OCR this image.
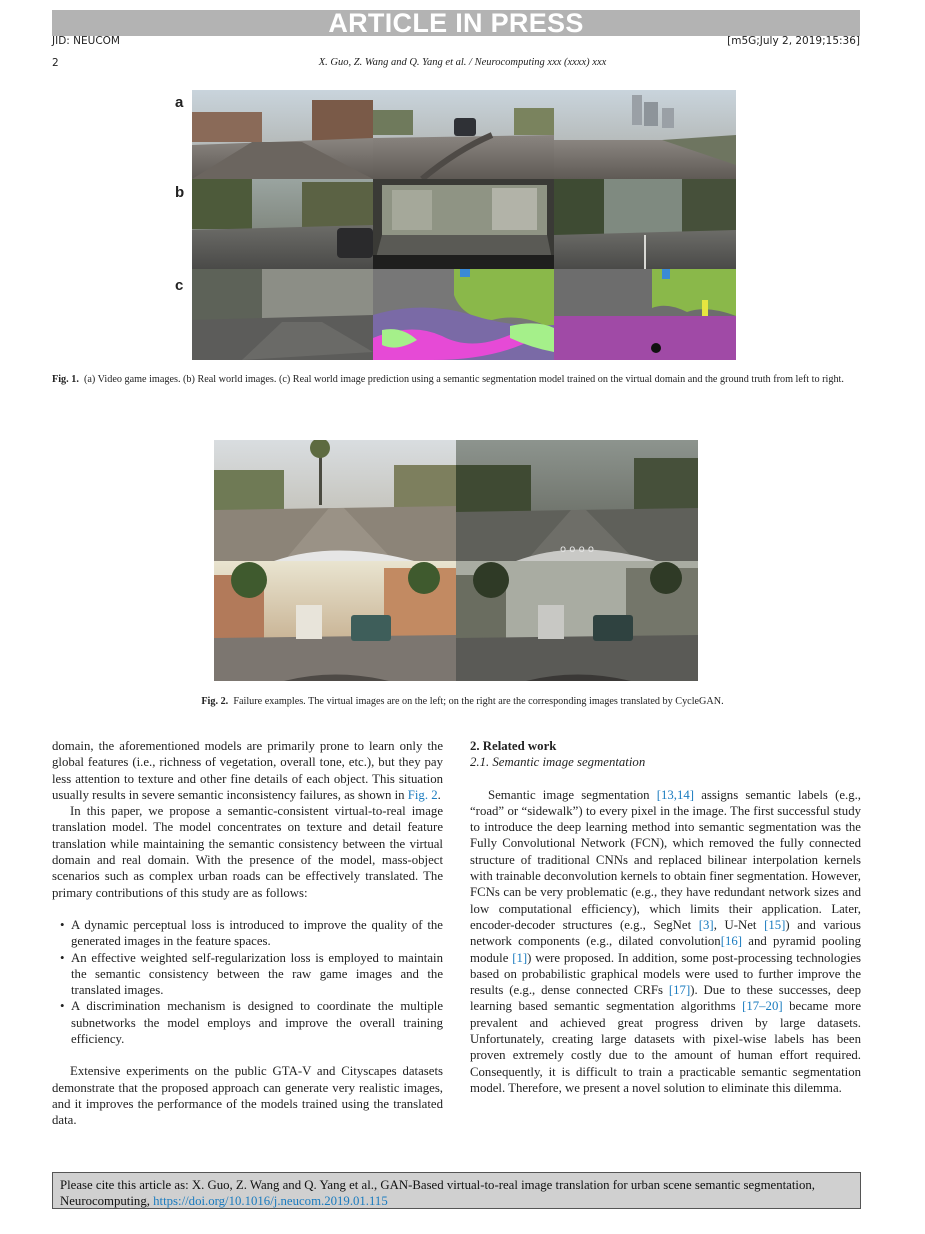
ARTICLE IN PRESS
JID: NEUCOM	[m5G;July 2, 2019;15:36]
2	X. Guo, Z. Wang and Q. Yang et al. / Neurocomputing xxx (xxxx) xxx
a
b
c
Fig. 1. (a) Video game images. (b) Real world images. (c) Real world image prediction using a semantic segmentation model trained on the virtual domain and the ground truth from left to right.
o o o o
Fig. 2. Failure examples. The virtual images are on the left; on the right are the corresponding images translated by CycleGAN.

domain, the aforementioned models are primarily prone to learn only the global features (i.e., richness of vegetation, overall tone, etc.), but they pay less attention to texture and other fine details of each object. This situation usually results in severe semantic inconsistency failures, as shown in Fig. 2.

In this paper, we propose a semantic-consistent virtual-to-real image translation model. The model concentrates on texture and detail feature translation while maintaining the semantic consistency between the virtual domain and real domain. With the presence of the model, mass-object scenarios such as complex urban roads can be effectively translated. The primary contributions of this study are as follows:

• A dynamic perceptual loss is introduced to improve the quality of the generated images in the feature spaces.
• An effective weighted self-regularization loss is employed to maintain the semantic consistency between the raw game images and the translated images.
• A discrimination mechanism is designed to coordinate the multiple subnetworks the model employs and improve the overall training efficiency.

Extensive experiments on the public GTA-V and Cityscapes datasets demonstrate that the proposed approach can generate very realistic images, and it improves the performance of the models trained using the translated data.

2. Related work

2.1. Semantic image segmentation

Semantic image segmentation [13,14] assigns semantic labels (e.g., “road” or “sidewalk”) to every pixel in the image. The first successful study to introduce the deep learning method into semantic segmentation was the Fully Convolutional Network (FCN), which removed the fully connected structure of traditional CNNs and replaced bilinear interpolation kernels with trainable deconvolution kernels to obtain finer segmentation. However, FCNs can be very problematic (e.g., they have redundant network sizes and low computational efficiency), which limits their application. Later, encoder-decoder structures (e.g., SegNet [3], U-Net [15]) and various network components (e.g., dilated convolution[16] and pyramid pooling module [1]) were proposed. In addition, some post-processing technologies based on probabilistic graphical models were used to further improve the results (e.g., dense connected CRFs [17]). Due to these successes, deep learning based semantic segmentation algorithms [17–20] became more prevalent and achieved great progress driven by large datasets. Unfortunately, creating large datasets with pixel-wise labels has been proven extremely costly due to the amount of human effort required. Consequently, it is difficult to train a practicable semantic segmentation model. Therefore, we present a novel solution to eliminate this dilemma.

Please cite this article as: X. Guo, Z. Wang and Q. Yang et al., GAN-Based virtual-to-real image translation for urban scene semantic segmentation, Neurocomputing, https://doi.org/10.1016/j.neucom.2019.01.115
